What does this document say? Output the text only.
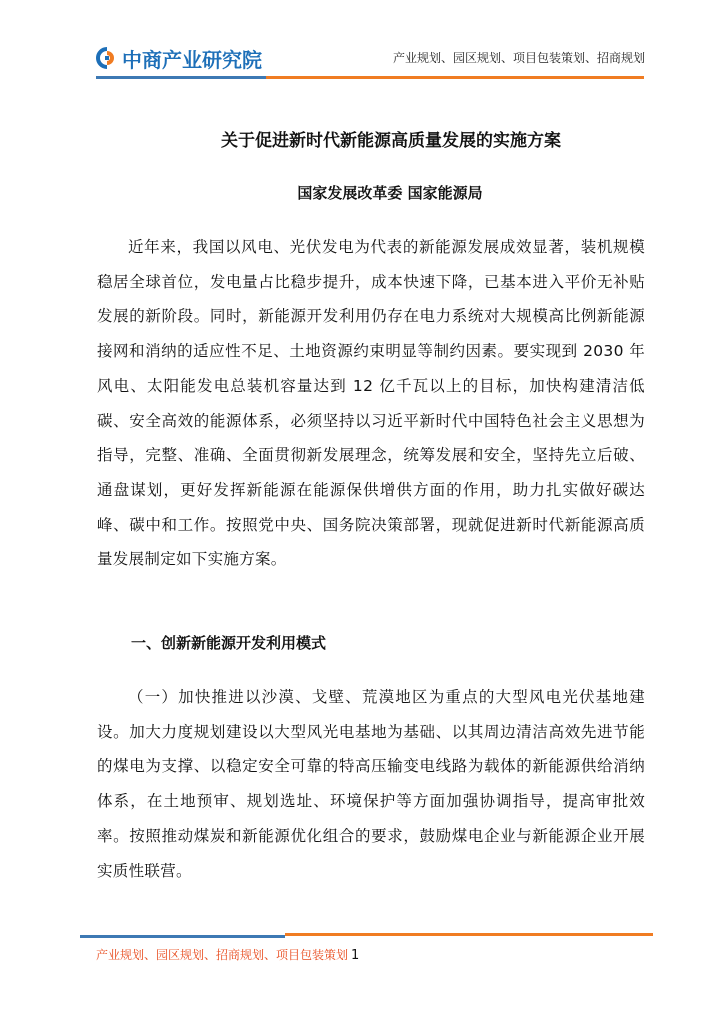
中商产业研究院	产业规划、园区规划、项目包装策划、招商规划
关于促进新时代新能源高质量发展的实施方案
国家发展改革委 国家能源局

近年来，我国以风电、光伏发电为代表的新能源发展成效显著，装机规模稳居全球首位，发电量占比稳步提升，成本快速下降，已基本进入平价无补贴发展的新阶段。同时，新能源开发利用仍存在电力系统对大规模高比例新能源接网和消纳的适应性不足、土地资源约束明显等制约因素。要实现到 2030 年风电、太阳能发电总装机容量达到 12 亿千瓦以上的目标，加快构建清洁低碳、安全高效的能源体系，必须坚持以习近平新时代中国特色社会主义思想为指导，完整、准确、全面贯彻新发展理念，统筹发展和安全，坚持先立后破、通盘谋划，更好发挥新能源在能源保供增供方面的作用，助力扎实做好碳达峰、碳中和工作。按照党中央、国务院决策部署，现就促进新时代新能源高质量发展制定如下实施方案。

一、创新新能源开发利用模式

（一）加快推进以沙漠、戈壁、荒漠地区为重点的大型风电光伏基地建设。加大力度规划建设以大型风光电基地为基础、以其周边清洁高效先进节能的煤电为支撑、以稳定安全可靠的特高压输变电线路为载体的新能源供给消纳体系，在土地预审、规划选址、环境保护等方面加强协调指导，提高审批效率。按照推动煤炭和新能源优化组合的要求，鼓励煤电企业与新能源企业开展实质性联营。

产业规划、园区规划、招商规划、项目包装策划 1
